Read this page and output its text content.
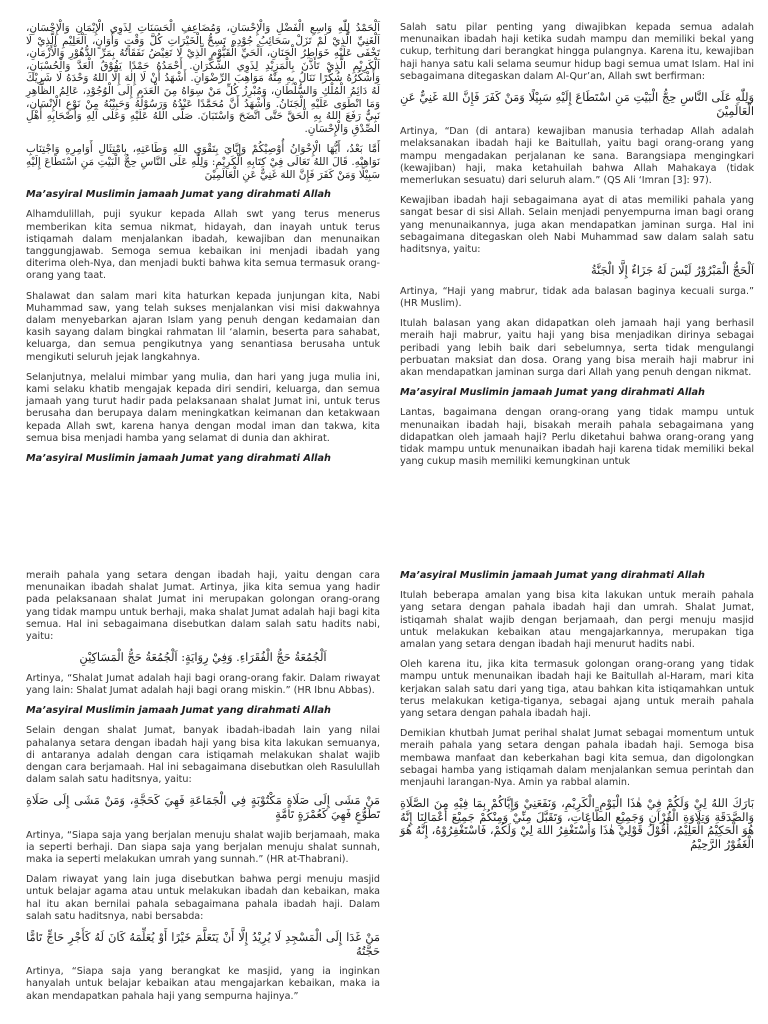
اَلْحَمْدُ لِلّٰهِ وَاسِعِ الْفَضْلِ وَالْإِحْسَانِ، وَمُضَاعِفِ الْحَسَنَاتِ لِذَوِي الْإِيْمَانِ وَالْإِحْسَانِ، اَلْغَنِيِّ الَّذِيْ لَمْ تَزَلْ سَحَائِبُ جُوْدِهِ تَسِحُّ الْخَيْرَاتِ كُلَّ وَقْتٍ وَأَوَانٍ، اَلْعَلِيْمِ الَّذِيْ لَا تَخْفَى عَلَيْهِ خَوَاطِرُ الْجَنَانِ، اَلْحَيِّ الْقَيُّوْمِ الَّذِيْ لَا تَغِيْضُ نَفَقَاتُهُ بِمَرِّ الدُّهُوْرِ وَالْأَزْمَانِ، اَلْكَرِيْمِ الَّذِيْ تَأَذَّنَ بِالْمَزِيْدِ لِذَوِي الشُّكْرَانِ. أَحْمَدُهُ حَمْدًا يَفُوْقُ الْعَدَّ وَالْحُسْبَانِ، وَأَشْكُرُهُ شُكْرًا نَنَالُ بِهِ مِنْهُ مَوَاهِبَ الرِّضْوَانِ. أَشْهَدُ أَنْ لَا إِلٰهَ إِلَّا اللهُ وَحْدَهُ لَا شَرِيْكَ لَهُ دَائِمُ الْمُلْكِ وَالسُّلْطَانِ، وَمُبْرِزُ كُلِّ مَنْ سِوَاهُ مِنَ الْعَدَمِ إِلَى الْوُجُوْدِ، عَالِمُ الظَّاهِرِ وَمَا انْطَوَى عَلَيْهِ الْجَنَانُ. وَأَشْهَدُ أَنَّ مُحَمَّدًا عَبْدُهُ وَرَسُوْلُهُ وَحَبِيْبُهُ مِنْ نَوْعِ الْإِنْسَانِ، نَبِيٌّ رَفَعَ اللهُ بِهِ الْحَقَّ حَتَّى اتَّضَحَ وَاسْتَبَانَ. صَلَّى اللهُ عَلَيْهِ وَعَلَى آلِهِ وَأَصْحَابِهِ أَهْلِ الصِّدْقِ وَالْإِحْسَانِ.

أَمَّا بَعْدُ، أَيُّهَا الْإِخْوَانُ أُوْصِيْكُمْ وَإِيَّايَ بِتَقْوَى اللهِ وَطَاعَتِهِ، بِامْتِثَالِ أَوَامِرِهِ وَاجْتِنَابِ نَوَاهِيْهِ. قَالَ اللهُ تَعَالَى فِيْ كِتَابِهِ الْكَرِيْمِ: وَلِلّٰهِ عَلَى النَّاسِ حِجُّ الْبَيْتِ مَنِ اسْتَطَاعَ إِلَيْهِ سَبِيْلًا وَمَنْ كَفَرَ فَإِنَّ اللهَ غَنِيٌّ عَنِ الْعَالَمِيْنَ

Ma’asyiral Muslimin jamaah Jumat yang dirahmati Allah

Alhamdulillah, puji syukur kepada Allah swt yang terus menerus memberikan kita semua nikmat, hidayah, dan inayah untuk terus istiqamah dalam menjalankan ibadah, kewajiban dan menunaikan tanggungjawab. Semoga semua kebaikan ini menjadi ibadah yang diterima oleh-Nya, dan menjadi bukti bahwa kita semua termasuk orang-orang yang taat.

Shalawat dan salam mari kita haturkan kepada junjungan kita, Nabi Muhammad saw, yang telah sukses menjalankan visi misi dakwahnya dalam menyebarkan ajaran Islam yang penuh dengan kedamaian dan kasih sayang dalam bingkai rahmatan lil ‘alamin, beserta para sahabat, keluarga, dan semua pengikutnya yang senantiasa berusaha untuk mengikuti seluruh jejak langkahnya.

Selanjutnya, melalui mimbar yang mulia, dan hari yang juga mulia ini, kami selaku khatib mengajak kepada diri sendiri, keluarga, dan semua jamaah yang turut hadir pada pelaksanaan shalat Jumat ini, untuk terus berusaha dan berupaya dalam meningkatkan keimanan dan ketakwaan kepada Allah swt, karena hanya dengan modal iman dan takwa, kita semua bisa menjadi hamba yang selamat di dunia dan akhirat.

Ma’asyiral Muslimin jamaah Jumat yang dirahmati Allah

Salah satu pilar penting yang diwajibkan kepada semua adalah menunaikan ibadah haji ketika sudah mampu dan memiliki bekal yang cukup, terhitung dari berangkat hingga pulangnya. Karena itu, kewajiban haji hanya satu kali selama seumur hidup bagi semua umat Islam. Hal ini sebagaimana ditegaskan dalam Al-Qur’an, Allah swt berfirman:

وَلِلّٰهِ عَلَى النَّاسِ حِجُّ الْبَيْتِ مَنِ اسْتَطَاعَ إِلَيْهِ سَبِيْلًا وَمَنْ كَفَرَ فَإِنَّ اللهَ غَنِيٌّ عَنِ الْعَالَمِيْنَ

Artinya, “Dan (di antara) kewajiban manusia terhadap Allah adalah melaksanakan ibadah haji ke Baitullah, yaitu bagi orang-orang yang mampu mengadakan perjalanan ke sana. Barangsiapa mengingkari (kewajiban) haji, maka ketahuilah bahwa Allah Mahakaya (tidak memerlukan sesuatu) dari seluruh alam.” (QS Ali ‘Imran [3]: 97).

Kewajiban ibadah haji sebagaimana ayat di atas memiliki pahala yang sangat besar di sisi Allah. Selain menjadi penyempurna iman bagi orang yang menunaikannya, juga akan mendapatkan jaminan surga. Hal ini sebagaimana ditegaskan oleh Nabi Muhammad saw dalam salah satu haditsnya, yaitu:

اَلْحَجُّ الْمَبْرُوْرُ لَيْسَ لَهُ جَزَاءٌ إِلَّا الْجَنَّةُ

Artinya, “Haji yang mabrur, tidak ada balasan baginya kecuali surga.” (HR Muslim).

Itulah balasan yang akan didapatkan oleh jamaah haji yang berhasil meraih haji mabrur, yaitu haji yang bisa menjadikan dirinya sebagai peribadi yang lebih baik dari sebelumnya, serta tidak mengulangi perbuatan maksiat dan dosa. Orang yang bisa meraih haji mabrur ini akan mendapatkan jaminan surga dari Allah yang penuh dengan nikmat.

Ma’asyiral Muslimin jamaah Jumat yang dirahmati Allah

Lantas, bagaimana dengan orang-orang yang tidak mampu untuk menunaikan ibadah haji, bisakah meraih pahala sebagaimana yang didapatkan oleh jamaah haji? Perlu diketahui bahwa orang-orang yang tidak mampu untuk menunaikan ibadah haji karena tidak memiliki bekal yang cukup masih memiliki kemungkinan untuk

meraih pahala yang setara dengan ibadah haji, yaitu dengan cara menunaikan ibadah shalat Jumat. Artinya, jika kita semua yang hadir pada pelaksanaan shalat Jumat ini merupakan golongan orang-orang yang tidak mampu untuk berhaji, maka shalat Jumat adalah haji bagi kita semua. Hal ini sebagaimana disebutkan dalam salah satu hadits nabi, yaitu:

اَلْجُمُعَةُ حَجُّ الْفُقَرَاءِ. وَفِيْ رِوَايَةٍ: اَلْجُمُعَةُ حَجُّ الْمَسَاكِيْنِ

Artinya, “Shalat Jumat adalah haji bagi orang-orang fakir. Dalam riwayat yang lain: Shalat Jumat adalah haji bagi orang miskin.” (HR Ibnu Abbas).

Ma’asyiral Muslimin jamaah Jumat yang dirahmati Allah

Selain dengan shalat Jumat, banyak ibadah-ibadah lain yang nilai pahalanya setara dengan ibadah haji yang bisa kita lakukan semuanya, di antaranya adalah dengan cara istiqamah melakukan shalat wajib dengan cara berjamaah. Hal ini sebagaimana disebutkan oleh Rasulullah dalam salah satu haditsnya, yaitu:

مَنْ مَشَى إِلَى صَلَاةٍ مَكْتُوْبَةٍ فِي الْجَمَاعَةِ فَهِيَ كَحَجَّةٍ، وَمَنْ مَشَى إِلَى صَلَاةِ تَطَوُّعٍ فَهِيَ كَعُمْرَةٍ تَامَّةٍ

Artinya, “Siapa saja yang berjalan menuju shalat wajib berjamaah, maka ia seperti berhaji. Dan siapa saja yang berjalan menuju shalat sunnah, maka ia seperti melakukan umrah yang sunnah.” (HR at-Thabrani).

Dalam riwayat yang lain juga disebutkan bahwa pergi menuju masjid untuk belajar agama atau untuk melakukan ibadah dan kebaikan, maka hal itu akan bernilai pahala sebagaimana pahala ibadah haji. Dalam salah satu haditsnya, nabi bersabda:

مَنْ غَدَا إِلَى الْمَسْجِدِ لَا يُرِيْدُ إِلَّا أَنْ يَتَعَلَّمَ خَيْرًا أَوْ يُعَلِّمَهُ كَانَ لَهُ كَأَجْرِ حَاجٍّ تَامًّا حَجَّتُهُ

Artinya, “Siapa saja yang berangkat ke masjid, yang ia inginkan hanyalah untuk belajar kebaikan atau mengajarkan kebaikan, maka ia akan mendapatkan pahala haji yang sempurna hajinya.”

Ma’asyiral Muslimin jamaah Jumat yang dirahmati Allah

Itulah beberapa amalan yang bisa kita lakukan untuk meraih pahala yang setara dengan pahala ibadah haji dan umrah. Shalat Jumat, istiqamah shalat wajib dengan berjamaah, dan pergi menuju masjid untuk melakukan kebaikan atau mengajarkannya, merupakan tiga amalan yang setara dengan ibadah haji menurut hadits nabi.

Oleh karena itu, jika kita termasuk golongan orang-orang yang tidak mampu untuk menunaikan ibadah haji ke Baitullah al-Haram, mari kita kerjakan salah satu dari yang tiga, atau bahkan kita istiqamahkan untuk terus melakukan ketiga-tiganya, sebagai ajang untuk meraih pahala yang setara dengan pahala ibadah haji.

Demikian khutbah Jumat perihal shalat Jumat sebagai momentum untuk meraih pahala yang setara dengan pahala ibadah haji. Semoga bisa membawa manfaat dan keberkahan bagi kita semua, dan digolongkan sebagai hamba yang istiqamah dalam menjalankan semua perintah dan menjauhi larangan-Nya. Amin ya rabbal alamin.

بَارَكَ اللهُ لِيْ وَلَكُمْ فِيْ هٰذَا الْيَوْمِ الْكَرِيْمِ، وَنَفَعَنِيْ وَإِيَّاكُمْ بِمَا فِيْهِ مِنَ الصَّلَاةِ وَالصَّدَقَةِ وَتِلَاوَةِ الْقُرْآنِ وَجَمِيْعِ الطَّاعَاتِ، وَتَقَبَّلَ مِنِّيْ وَمِنْكُمْ جَمِيْعَ أَعْمَالِنَا إِنَّهُ هُوَ الْحَكِيْمُ الْعَلِيْمُ، أَقُوْلُ قَوْلِيْ هٰذَا وَأَسْتَغْفِرُ اللهَ لِيْ وَلَكُمْ، فَاسْتَغْفِرُوْهُ، إِنَّهُ هُوَ الْغَفُوْرُ الرَّحِيْمُ
